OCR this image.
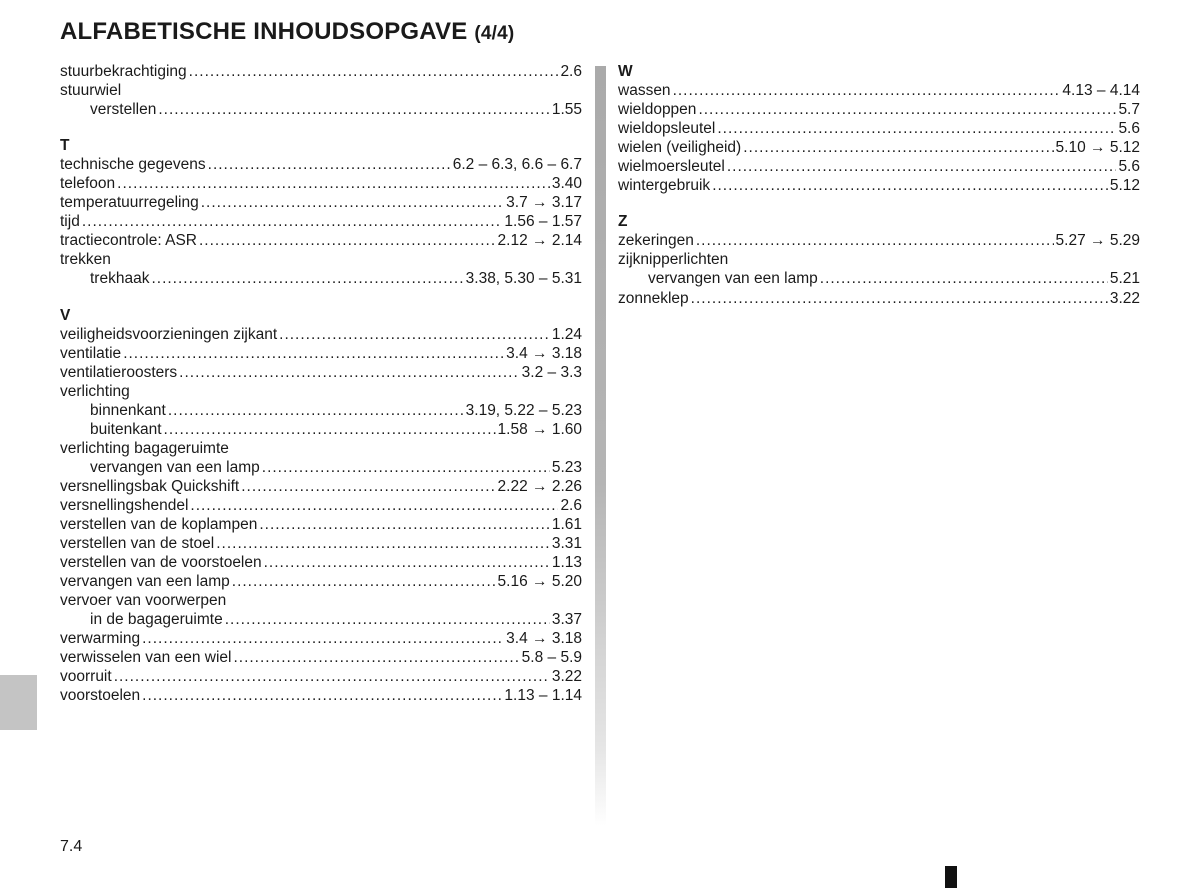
ALFABETISCHE INHOUDSOPGAVE (4/4)
stuurbekrachtiging .....	2.6
stuurwiel
verstellen .....	1.55
T
technische gegevens .....	6.2 – 6.3, 6.6 – 6.7
telefoon .....	3.40
temperatuurregeling .....	3.7 → 3.17
tijd .....	1.56 – 1.57
tractiecontrole: ASR .....	2.12 → 2.14
trekken
trekhaak .....	3.38, 5.30 – 5.31
V
veiligheidsvoorzieningen zijkant .....	1.24
ventilatie .....	3.4 → 3.18
ventilatieroosters .....	3.2 – 3.3
verlichting
binnenkant .....	3.19, 5.22 – 5.23
buitenkant .....	1.58 → 1.60
verlichting bagageruimte
vervangen van een lamp .....	5.23
versnellingsbak Quickshift .....	2.22 → 2.26
versnellingshendel .....	2.6
verstellen van de koplampen .....	1.61
verstellen van de stoel .....	3.31
verstellen van de voorstoelen .....	1.13
vervangen van een lamp .....	5.16 → 5.20
vervoer van voorwerpen
in de bagageruimte .....	3.37
verwarming .....	3.4 → 3.18
verwisselen van een wiel .....	5.8 – 5.9
voorruit .....	3.22
voorstoelen .....	1.13 – 1.14
W
wassen .....	4.13 – 4.14
wieldoppen .....	5.7
wieldopsleutel .....	5.6
wielen (veiligheid) .....	5.10 → 5.12
wielmoersleutel .....	5.6
wintergebruik .....	5.12
Z
zekeringen .....	5.27 → 5.29
zijknipperlichten
vervangen van een lamp .....	5.21
zonneklep .....	3.22
7.4
